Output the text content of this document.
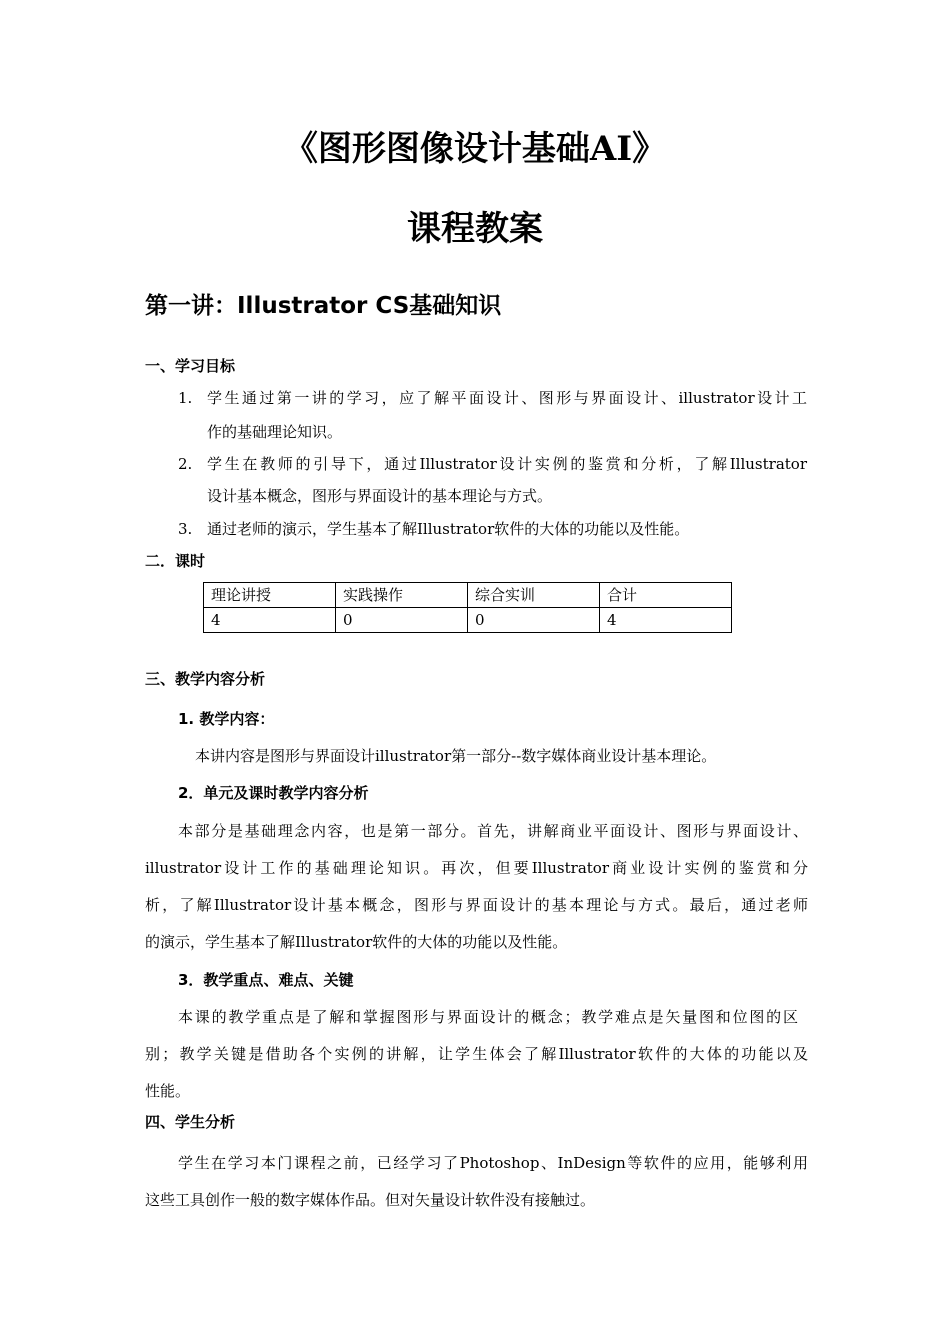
《图形图像设计基础AI》
课程教案
第一讲：Illustrator CS基础知识
一、学习目标
1. 学生通过第一讲的学习，应了解平面设计、图形与界面设计、illustrator设计工
作的基础理论知识。
2. 学生在教师的引导下，通过Illustrator设计实例的鉴赏和分析，了解Illustrator
设计基本概念，图形与界面设计的基本理论与方式。
3. 通过老师的演示，学生基本了解Illustrator软件的大体的功能以及性能。
二．课时
理论讲授	实践操作	综合实训	合计
4	0	0	4
三、教学内容分析
1. 教学内容：
本讲内容是图形与界面设计illustrator第一部分--数字媒体商业设计基本理论。
2．单元及课时教学内容分析
本部分是基础理念内容，也是第一部分。首先，讲解商业平面设计、图形与界面设计、
illustrator设计工作的基础理论知识。再次，但要Illustrator商业设计实例的鉴赏和分
析，了解Illustrator设计基本概念，图形与界面设计的基本理论与方式。最后，通过老师
的演示，学生基本了解Illustrator软件的大体的功能以及性能。
3．教学重点、难点、关键
本课的教学重点是了解和掌握图形与界面设计的概念；教学难点是矢量图和位图的区
别；教学关键是借助各个实例的讲解，让学生体会了解Illustrator软件的大体的功能以及
性能。
四、学生分析
学生在学习本门课程之前，已经学习了Photoshop、InDesign等软件的应用，能够利用
这些工具创作一般的数字媒体作品。但对矢量设计软件没有接触过。
